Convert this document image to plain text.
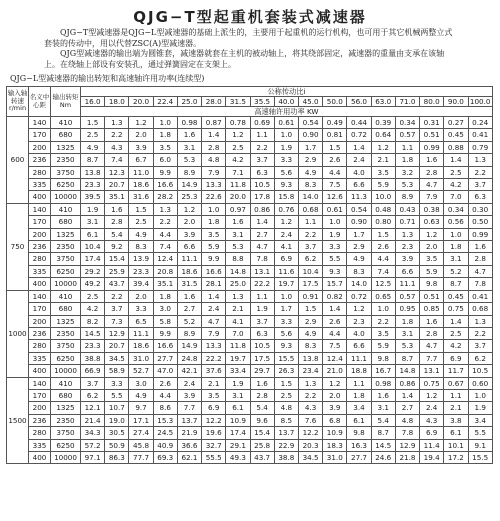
QJG−T型起重机套装式减速器

QJG−T型减速器是QJG−L型减速器的基础上派生的，主要用于起重机的运行机构，也可用于其它机械两整立式套装的传动中，用以代替ZSC(A)型减速器。

QJG型减速器的输出端为圆锥套，减速器就套在主机的被动轴上，将其绕部固定，减速器的重量由支承在该轴上。在绕轴上部设有安装孔，通过弹簧固定在支架上。

QJG−L型减速器的输出转矩和高速轴许用功率(连续型)
输入轴转速r/min	名义中心距	输出转矩Nm	公称传动比i																
			16.0	18.0	20.0	22.4	25.0	28.0	31.5	35.5	40.0	45.0	50.0	56.0	63.0	71.0	80.0	90.0	100.0
			高速轴许用功率 KW																
600	140	410	1.5	1.3	1.2	1.0	0.98	0.87	0.78	0.69	0.61	0.54	0.49	0.44	0.39	0.34	0.31	0.27	0.24
	170	680	2.5	2.2	2.0	1.8	1.6	1.4	1.2	1.1	1.0	0.90	0.81	0.72	0.64	0.57	0.51	0.45	0.41
	200	1325	4.9	4.3	3.9	3.5	3.1	2.8	2.5	2.2	1.9	1.7	1.5	1.4	1.2	1.1	0.99	0.88	0.79
	236	2350	8.7	7.4	6.7	6.0	5.3	4.8	4.2	3.7	3.3	2.9	2.6	2.4	2.1	1.8	1.6	1.4	1.3
	280	3750	13.8	12.3	11.0	9.9	8.9	7.9	7.1	6.3	5.6	4.9	4.4	4.0	3.5	3.2	2.8	2.5	2.2
	335	6250	23.3	20.7	18.6	16.6	14.9	13.3	11.8	10.5	9.3	8.3	7.5	6.6	5.9	5.3	4.7	4.2	3.7
	400	10000	39.5	35.1	31.6	28.2	25.3	22.6	20.0	17.8	15.8	14.0	12.6	11.3	10.0	8.9	7.9	7.0	6.3
750	140	410	1.9	1.6	1.5	1.3	1.2	1.0	0.97	0.86	0.76	0.68	0.61	0.54	0.48	0.43	0.38	0.34	0.30
	170	680	3.1	2.8	2.5	2.2	2.0	1.8	1.6	1.4	1.2	1.1	1.0	0.90	0.80	0.71	0.63	0.56	0.50
	200	1325	6.1	5.4	4.9	4.4	3.9	3.5	3.1	2.7	2.4	2.2	1.9	1.7	1.5	1.3	1.2	1.0	0.99
	236	2350	10.4	9.2	8.3	7.4	6.6	5.9	5.3	4.7	4.1	3.7	3.3	2.9	2.6	2.3	2.0	1.8	1.6
	280	3750	17.4	15.4	13.9	12.4	11.1	9.9	8.8	7.8	6.9	6.2	5.5	4.9	4.4	3.9	3.5	3.1	2.8
	335	6250	29.2	25.9	23.3	20.8	18.6	16.6	14.8	13.1	11.6	10.4	9.3	8.3	7.4	6.6	5.9	5.2	4.7
	400	10000	49.2	43.7	39.4	35.1	31.5	28.1	25.0	22.2	19.7	17.5	15.7	14.0	12.5	11.1	9.8	8.7	7.8
1000	140	410	2.5	2.2	2.0	1.8	1.6	1.4	1.3	1.1	1.0	0.91	0.82	0.72	0.65	0.57	0.51	0.45	0.41
	170	680	4.2	3.7	3.3	3.0	2.7	2.4	2.1	1.9	1.7	1.5	1.4	1.2	1.0	0.95	0.85	0.75	0.68
	200	1325	8.2	7.3	6.5	5.8	5.2	4.7	4.1	3.7	3.3	2.9	2.6	2.3	2.2	1.8	1.6	1.4	1.3
	236	2350	14.5	12.9	11.1	9.9	8.9	7.9	7.0	6.3	5.6	4.9	4.4	4.0	3.5	3.1	2.8	2.5	2.2
	280	3750	23.3	20.7	18.6	16.6	14.9	13.3	11.8	10.5	9.3	8.3	7.5	6.6	5.9	5.3	4.7	4.2	3.7
	335	6250	38.8	34.5	31.0	27.7	24.8	22.2	19.7	17.5	15.5	13.8	12.4	11.1	9.8	8.7	7.7	6.9	6.2
	400	10000	66.9	58.9	52.7	47.0	42.1	37.6	33.4	29.7	26.3	23.4	21.0	18.8	16.7	14.8	13.1	11.7	10.5
1500	140	410	3.7	3.3	3.0	2.6	2.4	2.1	1.9	1.6	1.5	1.3	1.2	1.1	0.98	0.86	0.75	0.67	0.60
	170	680	6.2	5.5	4.9	4.4	3.9	3.5	3.1	2.8	2.5	2.2	2.0	1.8	1.6	1.4	1.2	1.1	1.0
	200	1325	12.1	10.7	9.7	8.6	7.7	6.9	6.1	5.4	4.8	4.3	3.9	3.4	3.1	2.7	2.4	2.1	1.9
	236	2350	21.4	19.0	17.1	15.3	13.7	12.2	10.9	9.6	8.5	7.6	6.8	6.1	5.4	4.8	4.3	3.8	3.4
	280	3750	34.3	30.5	27.4	24.5	21.9	19.6	17.4	15.4	13.7	12.2	10.9	9.8	8.7	7.8	6.9	6.1	5.5
	335	6250	57.2	50.9	45.8	40.9	36.6	32.7	29.1	25.8	22.9	20.3	18.3	16.3	14.5	12.9	11.4	10.1	9.1
	400	10000	97.1	86.3	77.7	69.3	62.1	55.5	49.3	43.7	38.8	34.5	31.0	27.7	24.6	21.8	19.4	17.2	15.5
